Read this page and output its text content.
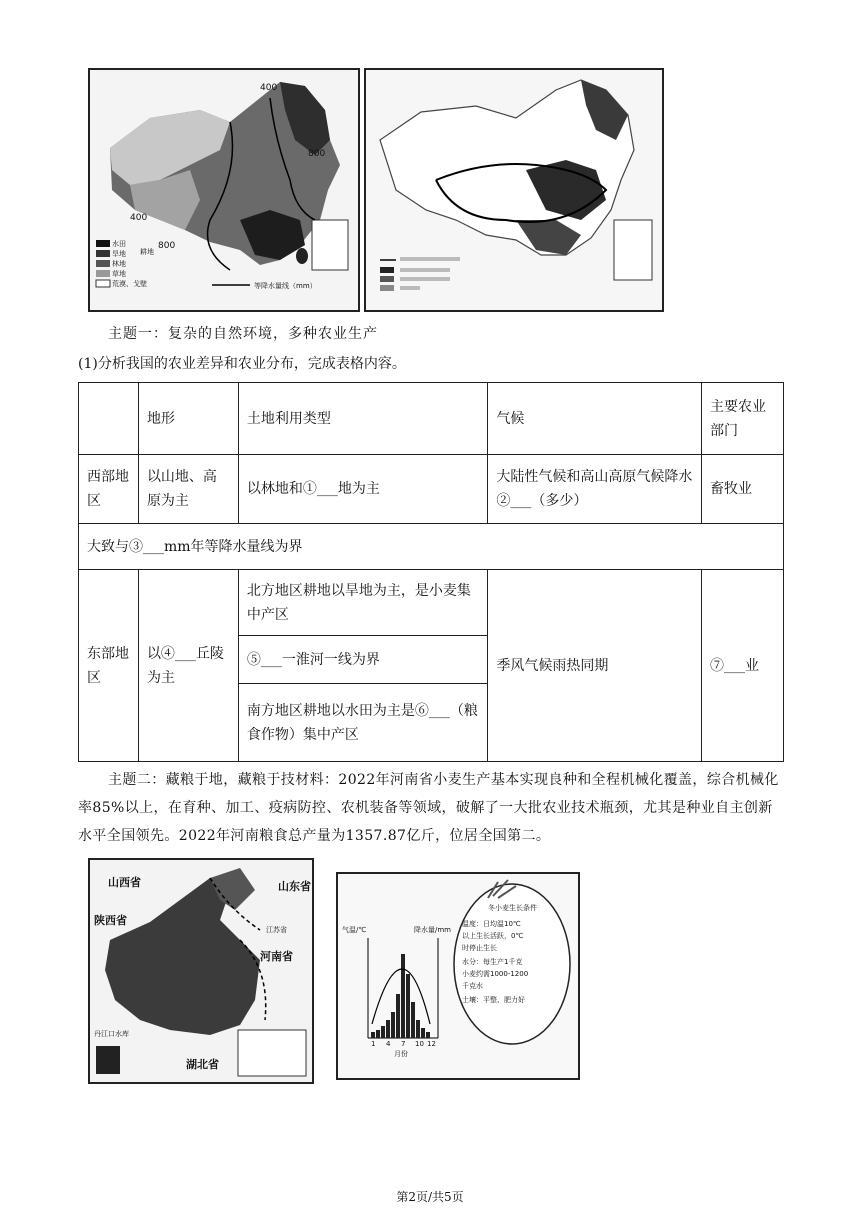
400
800
400
800
水田
旱地
林地
草地
荒漠、戈壁
耕地
等降水量线（mm）
主题一：复杂的自然环境，多种农业生产
(1)分析我国的农业差异和农业分布，完成表格内容。
	地形	土地利用类型	气候	主要农业部门
西部地区	以山地、高原为主	以林地和①___地为主	大陆性气候和高山高原气候降水②___（多少）	畜牧业
大致与③___mm年等降水量线为界				
东部地区	以④___丘陵为主	北方地区耕地以旱地为主，是小麦集中产区	季风气候雨热同期	⑦___业
		⑤___一淮河一线为界		
		南方地区耕地以水田为主是⑥___（粮食作物）集中产区		
主题二：藏粮于地，藏粮于技材料：2022年河南省小麦生产基本实现良种和全程机械化覆盖，综合机械化率85%以上，在育种、加工、疫病防控、农机装备等领域，破解了一大批农业技术瓶颈，尤其是种业自主创新水平全国领先。2022年河南粮食总产量为1357.87亿斤，位居全国第二。
山西省	山东省
江苏省
河南省
湖北省
陕西省
丹江口水库
气温/℃	降水量/mm
1 4 7 10 12
月份
冬小麦生长条件
温度：日均温10℃
以上生长活跃，0℃
时停止生长
水分：每生产1千克
小麦约需1000-1200
千克水
土壤：平整、肥力好
第2页/共5页
